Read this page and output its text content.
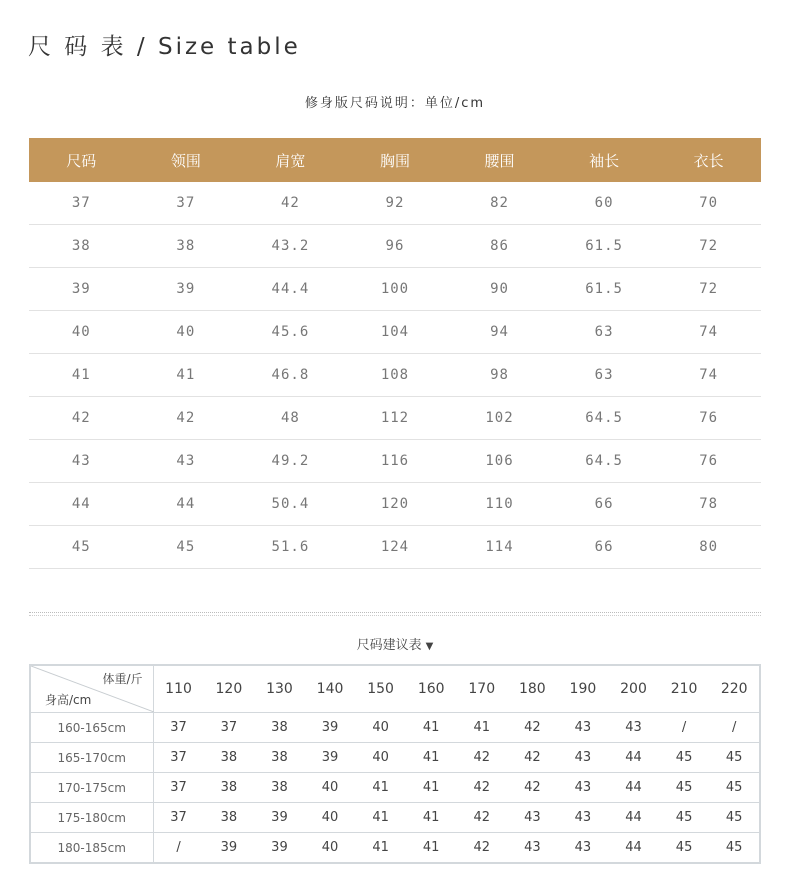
尺 码 表 / Size table
修身版尺码说明：单位/cm
尺码	领围	肩宽	胸围	腰围	袖长	衣长
37	37	42	92	82	60	70
38	38	43.2	96	86	61.5	72
39	39	44.4	100	90	61.5	72
40	40	45.6	104	94	63	74
41	41	46.8	108	98	63	74
42	42	48	112	102	64.5	76
43	43	49.2	116	106	64.5	76
44	44	50.4	120	110	66	78
45	45	51.6	124	114	66	80
尺码建议表 ▼
体重/斤
身高/cm	110	120	130	140	150	160	170	180	190	200	210	220
160-165cm	37	37	38	39	40	41	41	42	43	43	/	/
165-170cm	37	38	38	39	40	41	42	42	43	44	45	45
170-175cm	37	38	38	40	41	41	42	42	43	44	45	45
175-180cm	37	38	39	40	41	41	42	43	43	44	45	45
180-185cm	/	39	39	40	41	41	42	43	43	44	45	45
